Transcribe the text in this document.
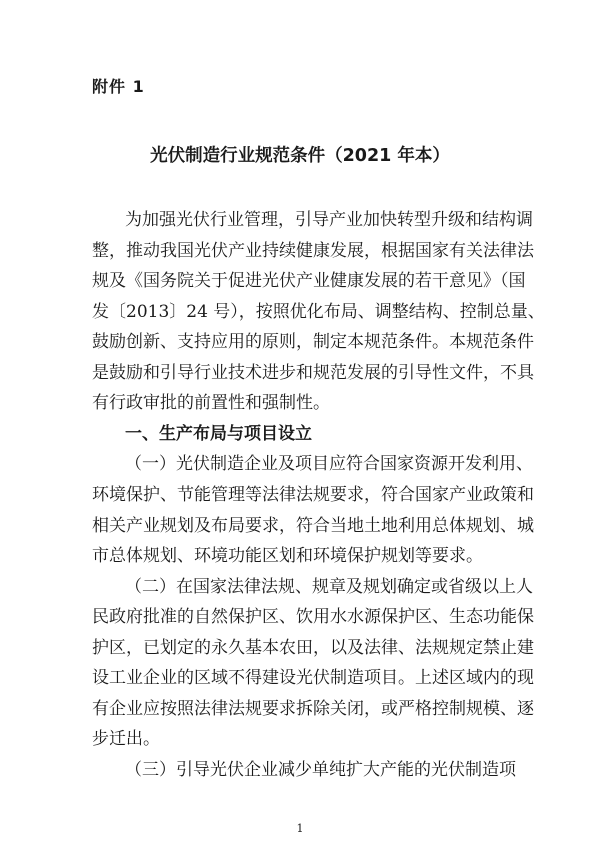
附件 1
光伏制造行业规范条件（2021 年本）
为加强光伏行业管理，引导产业加快转型升级和结构调
整，推动我国光伏产业持续健康发展，根据国家有关法律法
规及《国务院关于促进光伏产业健康发展的若干意见》（国
发〔2013〕24 号），按照优化布局、调整结构、控制总量、
鼓励创新、支持应用的原则，制定本规范条件。本规范条件
是鼓励和引导行业技术进步和规范发展的引导性文件，不具
有行政审批的前置性和强制性。
一、生产布局与项目设立
（一）光伏制造企业及项目应符合国家资源开发利用、
环境保护、节能管理等法律法规要求，符合国家产业政策和
相关产业规划及布局要求，符合当地土地利用总体规划、城
市总体规划、环境功能区划和环境保护规划等要求。
（二）在国家法律法规、规章及规划确定或省级以上人
民政府批准的自然保护区、饮用水水源保护区、生态功能保
护区，已划定的永久基本农田，以及法律、法规规定禁止建
设工业企业的区域不得建设光伏制造项目。上述区域内的现
有企业应按照法律法规要求拆除关闭，或严格控制规模、逐
步迁出。
（三）引导光伏企业减少单纯扩大产能的光伏制造项
1
